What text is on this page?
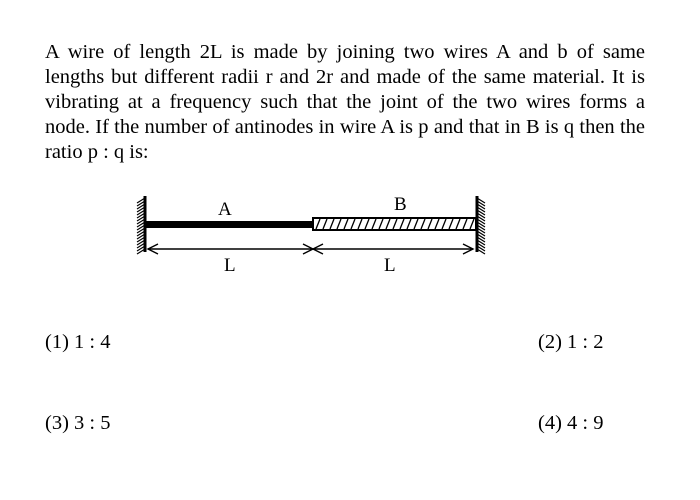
A wire of length 2L is made by joining two wires A and b of same lengths but different radii r and 2r and made of the same material. It is vibrating at a frequency such that the joint of the two wires forms a node. If the number of antinodes in wire A is p and that in B is q then the ratio p : q is:

A	B
L	L
(1) 1 : 4	(2) 1 : 2
(3) 3 : 5	(4) 4 : 9
